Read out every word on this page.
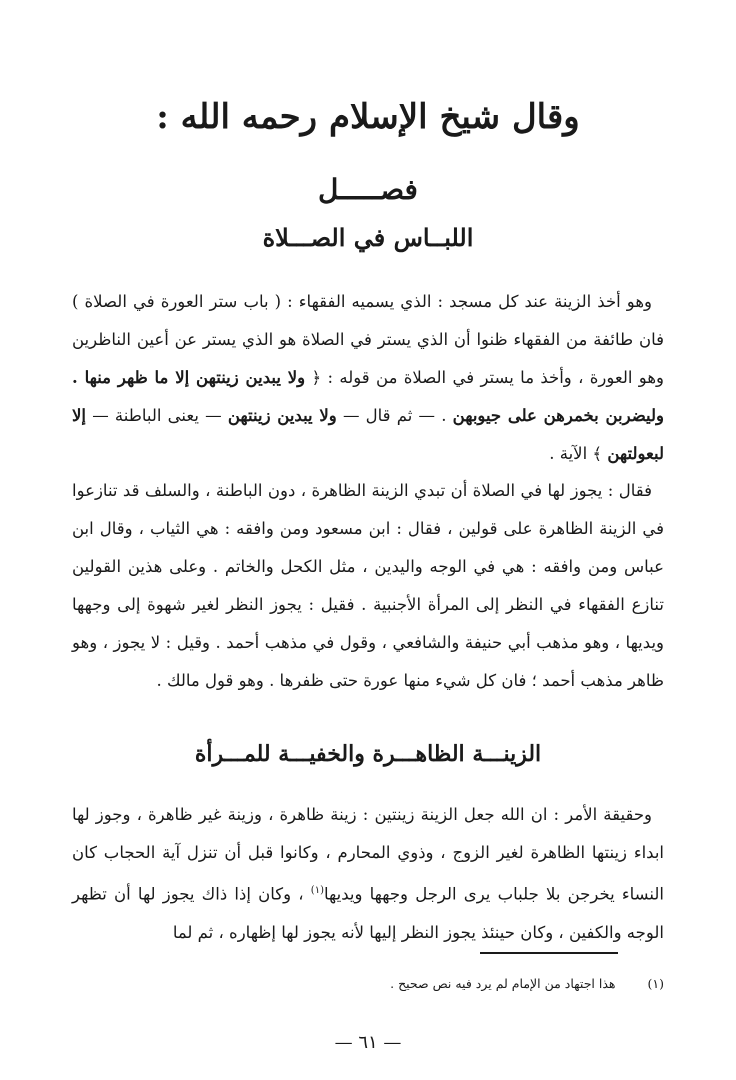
وقال شيخ الإسلام رحمه الله :
فصـــــل
اللبــاس في الصـــلاة
وهو أخذ الزينة عند كل مسجد : الذي يسميه الفقهاء : ( باب ستر العورة في الصلاة ) فان طائفة من الفقهاء ظنوا أن الذي يستر في الصلاة هو الذي يستر عن أعين الناظرين وهو العورة ، وأخذ ما يستر في الصلاة من قوله : ﴿ ولا يبدين زينتهن إلا ما ظهر منها . وليضربن بخمرهن على جيوبهن . — ثم قال — ولا يبدين زينتهن — يعنى الباطنة — إلا لبعولتهن ﴾ الآية .
فقال : يجوز لها في الصلاة أن تبدي الزينة الظاهرة ، دون الباطنة ، والسلف قد تنازعوا في الزينة الظاهرة على قولين ، فقال : ابن مسعود ومن وافقه : هي الثياب ، وقال ابن عباس ومن وافقه : هي في الوجه واليدين ، مثل الكحل والخاتم . وعلى هذين القولين تنازع الفقهاء في النظر إلى المرأة الأجنبية . فقيل : يجوز النظر لغير شهوة إلى وجهها ويديها ، وهو مذهب أبي حنيفة والشافعي ، وقول في مذهب أحمد . وقيل : لا يجوز ، وهو ظاهر مذهب أحمد ؛ فان كل شيء منها عورة حتى ظفرها . وهو قول مالك .
الزينـــة الظاهـــرة والخفيـــة للمـــرأة
وحقيقة الأمر : ان الله جعل الزينة زينتين : زينة ظاهرة ، وزينة غير ظاهرة ، وجوز لها ابداء زينتها الظاهرة لغير الزوج ، وذوي المحارم ، وكانوا قبل أن تنزل آية الحجاب كان النساء يخرجن بلا جلباب يرى الرجل وجهها ويديها$^{(١)}$ ، وكان إذا ذاك يجوز لها أن تظهر الوجه والكفين ، وكان حينئذ يجوز النظر إليها لأنه يجوز لها إظهاره ، ثم لما
(١) هذا اجتهاد من الإمام لم يرد فيه نص صحيح .
— ٦١ —
